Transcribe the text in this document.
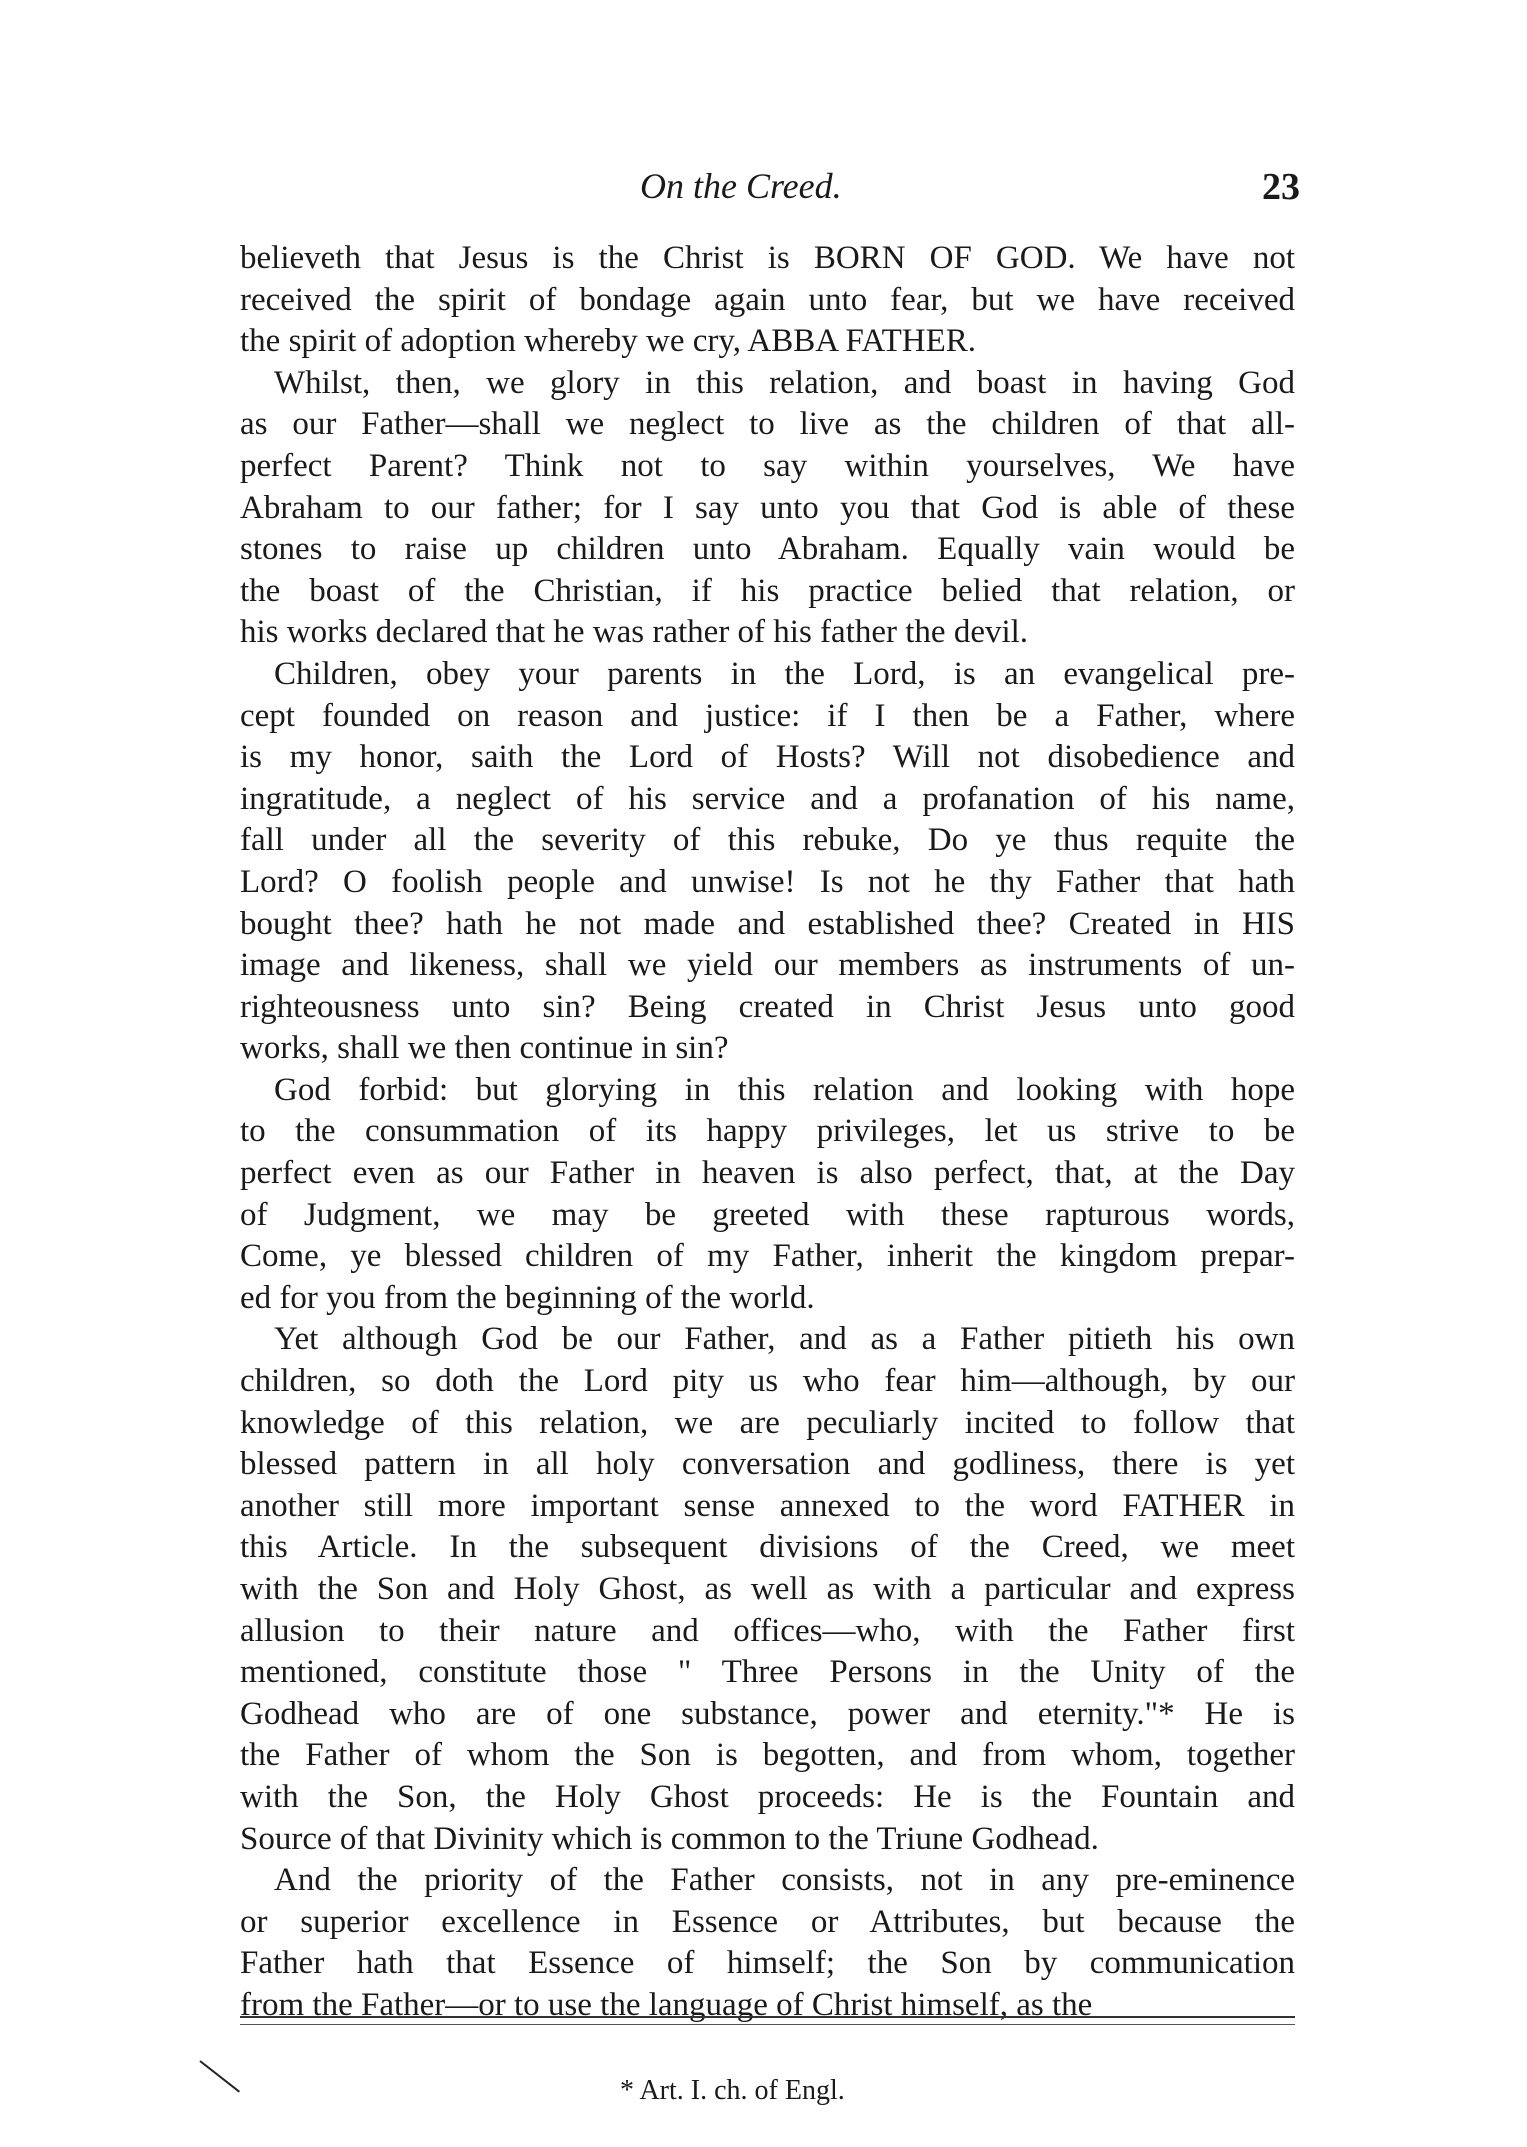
On the Creed.	23
believeth that Jesus is the Christ is BORN OF GOD. We have not
received the spirit of bondage again unto fear, but we have received
the spirit of adoption whereby we cry, ABBA FATHER.
Whilst, then, we glory in this relation, and boast in having God
as our Father—shall we neglect to live as the children of that all-
perfect Parent? Think not to say within yourselves, We have
Abraham to our father; for I say unto you that God is able of these
stones to raise up children unto Abraham. Equally vain would be
the boast of the Christian, if his practice belied that relation, or
his works declared that he was rather of his father the devil.
Children, obey your parents in the Lord, is an evangelical pre-
cept founded on reason and justice: if I then be a Father, where
is my honor, saith the Lord of Hosts? Will not disobedience and
ingratitude, a neglect of his service and a profanation of his name,
fall under all the severity of this rebuke, Do ye thus requite the
Lord? O foolish people and unwise! Is not he thy Father that hath
bought thee? hath he not made and established thee? Created in HIS
image and likeness, shall we yield our members as instruments of un-
righteousness unto sin? Being created in Christ Jesus unto good
works, shall we then continue in sin?
God forbid: but glorying in this relation and looking with hope
to the consummation of its happy privileges, let us strive to be
perfect even as our Father in heaven is also perfect, that, at the Day
of Judgment, we may be greeted with these rapturous words,
Come, ye blessed children of my Father, inherit the kingdom prepar-
ed for you from the beginning of the world.
Yet although God be our Father, and as a Father pitieth his own
children, so doth the Lord pity us who fear him—although, by our
knowledge of this relation, we are peculiarly incited to follow that
blessed pattern in all holy conversation and godliness, there is yet
another still more important sense annexed to the word FATHER in
this Article. In the subsequent divisions of the Creed, we meet
with the Son and Holy Ghost, as well as with a particular and express
allusion to their nature and offices—who, with the Father first
mentioned, constitute those " Three Persons in the Unity of the
Godhead who are of one substance, power and eternity."* He is
the Father of whom the Son is begotten, and from whom, together
with the Son, the Holy Ghost proceeds: He is the Fountain and
Source of that Divinity which is common to the Triune Godhead.
And the priority of the Father consists, not in any pre-eminence
or superior excellence in Essence or Attributes, but because the
Father hath that Essence of himself; the Son by communication
from the Father—or to use the language of Christ himself, as the
* Art. I. ch. of Engl.
